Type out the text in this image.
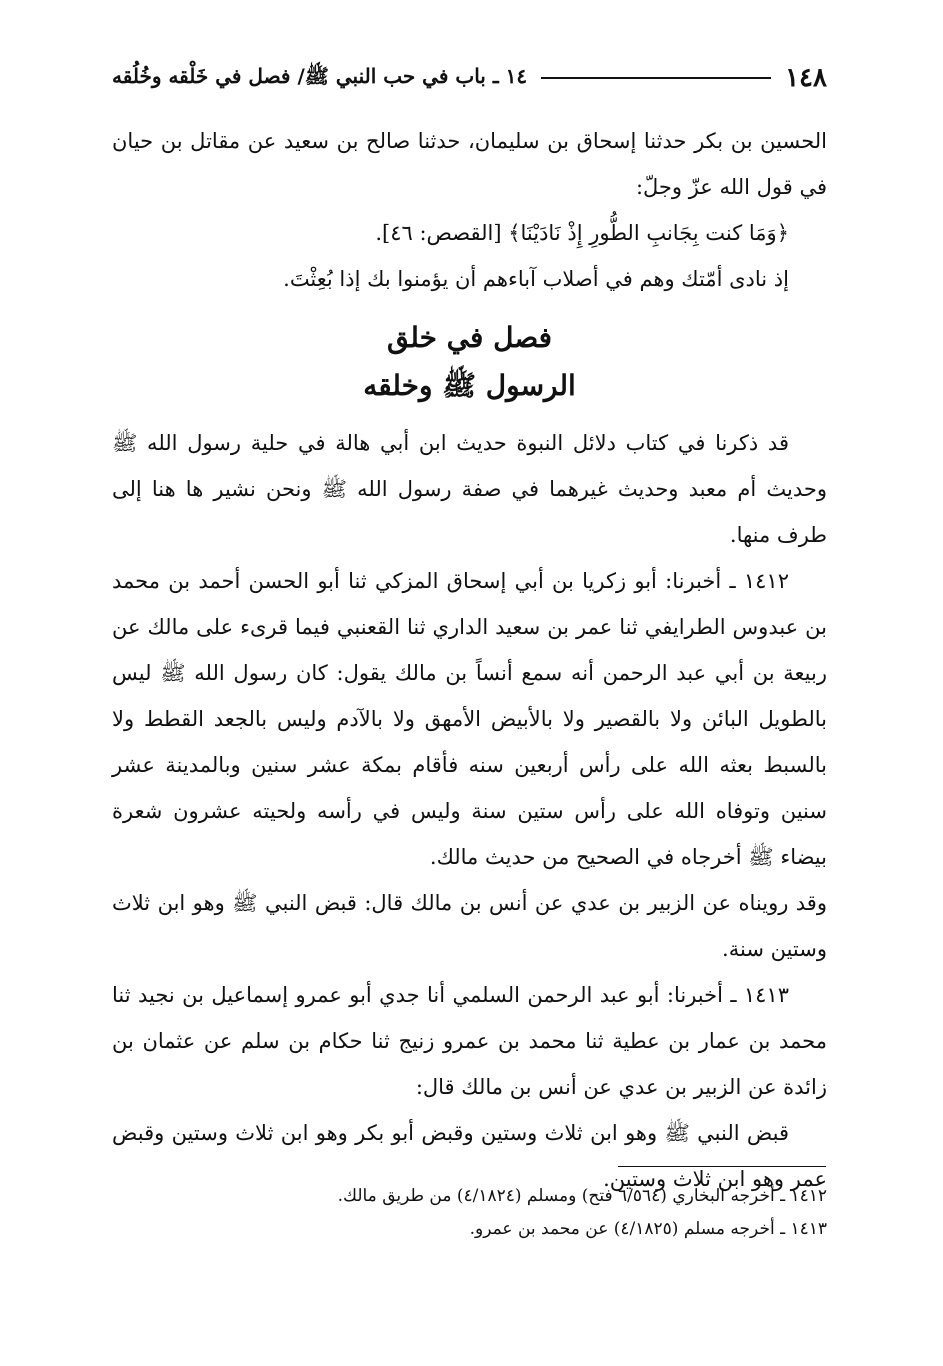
١٤٨
١٤ ـ باب في حب النبي ﷺ/ فصل في خَلْقه وخُلُقه

الحسين بن بكر حدثنا إسحاق بن سليمان، حدثنا صالح بن سعيد عن مقاتل بن حيان في قول الله عزّ وجلّ:

﴿وَمَا كنت بِجَانبِ الطُّورِ إِذْ نَادَيْنَا﴾ [القصص: ٤٦].

إذ نادى أمّتك وهم في أصلاب آباءهم أن يؤمنوا بك إذا بُعِثْتَ.

فصل في خلق
الرسول ﷺ وخلقه

قد ذكرنا في كتاب دلائل النبوة حديث ابن أبي هالة في حلية رسول الله ﷺ وحديث أم معبد وحديث غيرهما في صفة رسول الله ﷺ ونحن نشير ها هنا إلى طرف منها.

١٤١٢ ـ أخبرنا: أبو زكريا بن أبي إسحاق المزكي ثنا أبو الحسن أحمد بن محمد بن عبدوس الطرايفي ثنا عمر بن سعيد الداري ثنا القعنبي فيما قرىء على مالك عن ربيعة بن أبي عبد الرحمن أنه سمع أنساً بن مالك يقول: كان رسول الله ﷺ ليس بالطويل البائن ولا بالقصير ولا بالأبيض الأمهق ولا بالآدم وليس بالجعد القطط ولا بالسبط بعثه الله على رأس أربعين سنه فأقام بمكة عشر سنين وبالمدينة عشر سنين وتوفاه الله على رأس ستين سنة وليس في رأسه ولحيته عشرون شعرة بيضاء ﷺ أخرجاه في الصحيح من حديث مالك.

وقد رويناه عن الزبير بن عدي عن أنس بن مالك قال: قبض النبي ﷺ وهو ابن ثلاث وستين سنة.

١٤١٣ ـ أخبرنا: أبو عبد الرحمن السلمي أنا جدي أبو عمرو إسماعيل بن نجيد ثنا محمد بن عمار بن عطية ثنا محمد بن عمرو زنيج ثنا حكام بن سلم عن عثمان بن زائدة عن الزبير بن عدي عن أنس بن مالك قال:

قبض النبي ﷺ وهو ابن ثلاث وستين وقبض أبو بكر وهو ابن ثلاث وستين وقبض عمر وهو ابن ثلاث وستين.

١٤١٢ ـ أخرجه البخاري (٦/٥٦٤ فتح) ومسلم (٤/١٨٢٤) من طريق مالك.

١٤١٣ ـ أخرجه مسلم (٤/١٨٢٥) عن محمد بن عمرو.
